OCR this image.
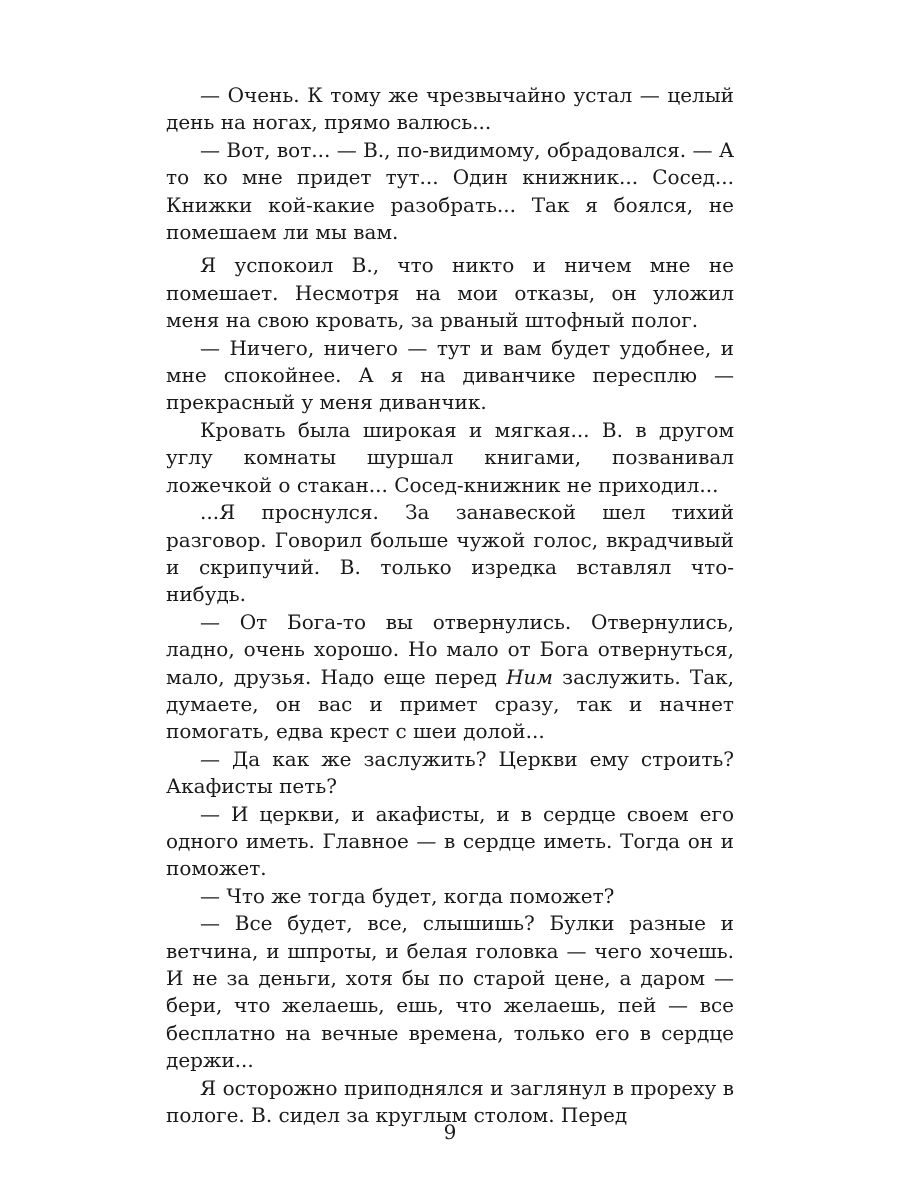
— Очень. К тому же чрезвычайно устал — целый день на ногах, прямо валюсь...

— Вот, вот... — В., по-видимому, обрадовался. — А то ко мне придет тут... Один книжник... Сосед... Книжки кой-какие разобрать... Так я боялся, не помешаем ли мы вам.

Я успокоил В., что никто и ничем мне не помешает. Несмотря на мои отказы, он уложил меня на свою кровать, за рваный штофный полог.

— Ничего, ничего — тут и вам будет удобнее, и мне спокойнее. А я на диванчике пересплю — прекрасный у меня диванчик.

Кровать была широкая и мягкая... В. в другом углу комнаты шуршал книгами, позванивал ложечкой о стакан... Сосед-книжник не приходил...

...Я проснулся. За занавеской шел тихий разговор. Говорил больше чужой голос, вкрадчивый и скрипучий. В. только изредка вставлял что-нибудь.

— От Бога-то вы отвернулись. Отвернулись, ладно, очень хорошо. Но мало от Бога отвернуться, мало, друзья. Надо еще перед Ним заслужить. Так, думаете, он вас и примет сразу, так и начнет помогать, едва крест с шеи долой...

— Да как же заслужить? Церкви ему строить? Акафисты петь?

— И церкви, и акафисты, и в сердце своем его одного иметь. Главное — в сердце иметь. Тогда он и поможет.

— Что же тогда будет, когда поможет?

— Все будет, все, слышишь? Булки разные и ветчина, и шпроты, и белая головка — чего хочешь. И не за деньги, хотя бы по старой цене, а даром — бери, что желаешь, ешь, что желаешь, пей — все бесплатно на вечные времена, только его в сердце держи...

Я осторожно приподнялся и заглянул в прореху в пологе. В. сидел за круглым столом. Перед

9
